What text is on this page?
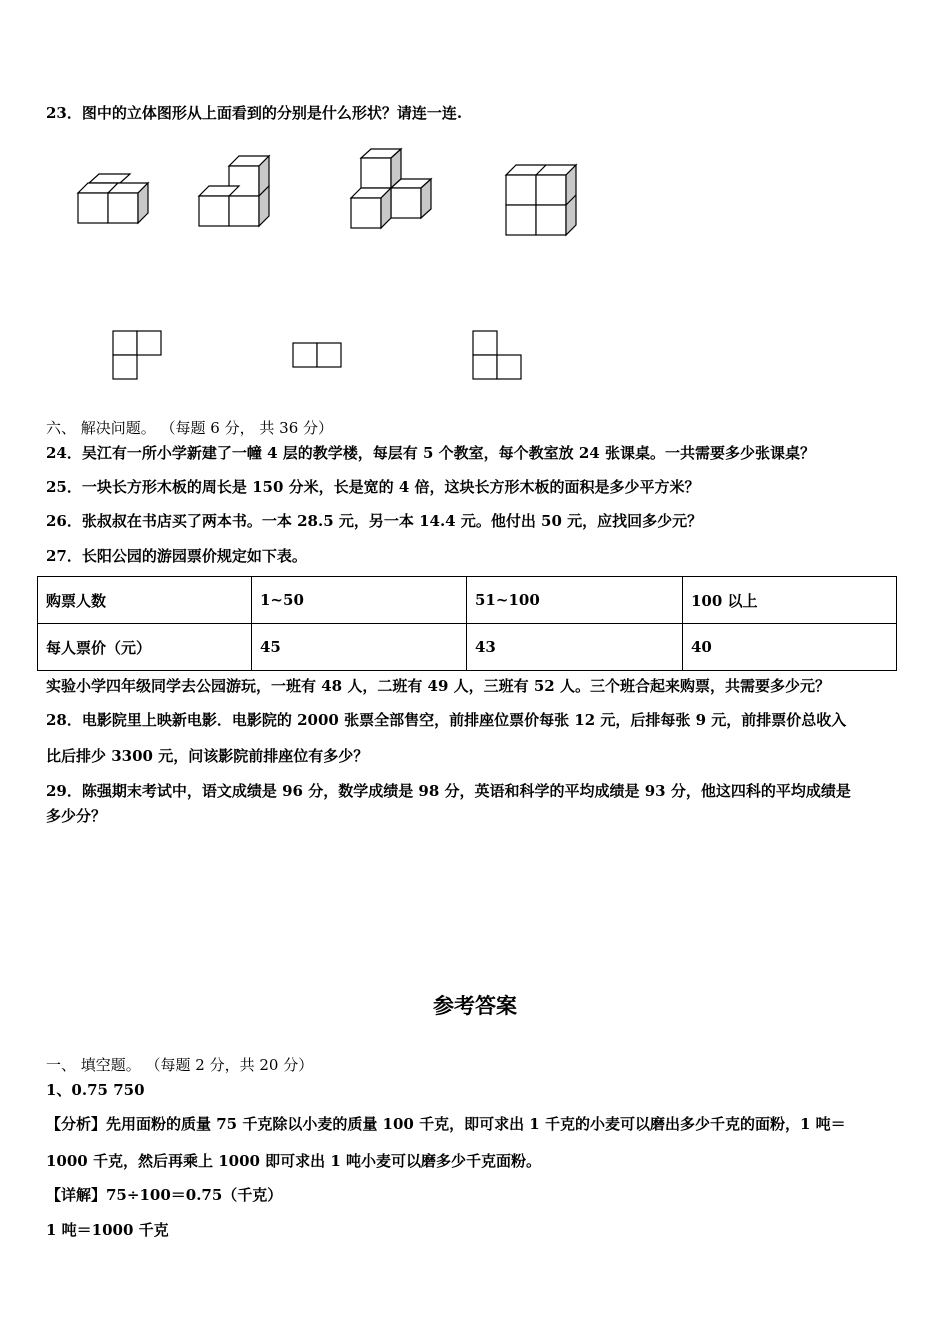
23．图中的立体图形从上面看到的分别是什么形状？请连一连.
六、 解决问题。 （每题 6 分， 共 36 分）
24．吴江有一所小学新建了一幢 4 层的教学楼，每层有 5 个教室，每个教室放 24 张课桌。一共需要多少张课桌？
25．一块长方形木板的周长是 150 分米，长是宽的 4 倍，这块长方形木板的面积是多少平方米？
26．张叔叔在书店买了两本书。一本 28.5 元，另一本 14.4 元。他付出 50 元，应找回多少元？
27．长阳公园的游园票价规定如下表。
购票人数	1~50	51~100	100 以上
每人票价（元）	45	43	40
实验小学四年级同学去公园游玩，一班有 48 人，二班有 49 人，三班有 52 人。三个班合起来购票，共需要多少元？
28．电影院里上映新电影．电影院的 2000 张票全部售空，前排座位票价每张 12 元，后排每张 9 元，前排票价总收入
比后排少 3300 元，问该影院前排座位有多少？
29．陈强期末考试中，语文成绩是 96 分，数学成绩是 98 分，英语和科学的平均成绩是 93 分，他这四科的平均成绩是
多少分？
参考答案
一、 填空题。 （每题 2 分，共 20 分）
1、0.75 750
【分析】先用面粉的质量 75 千克除以小麦的质量 100 千克，即可求出 1 千克的小麦可以磨出多少千克的面粉，1 吨＝
1000 千克，然后再乘上 1000 即可求出 1 吨小麦可以磨多少千克面粉。
【详解】75÷100＝0.75（千克）
1 吨＝1000 千克
